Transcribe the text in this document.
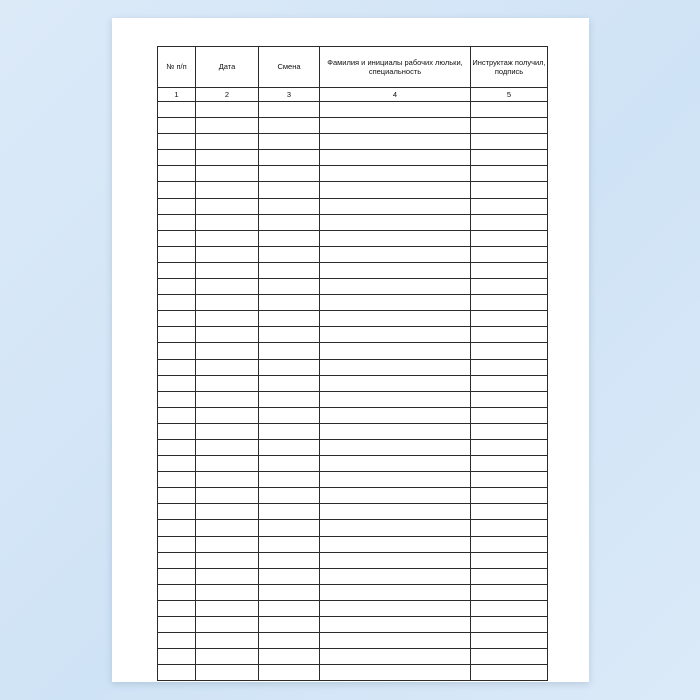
№ п/п	Дата	Смена	Фамилия и инициалы рабочих люльки, специальность	Инструктаж получил, подпись
1	2	3	4	5
